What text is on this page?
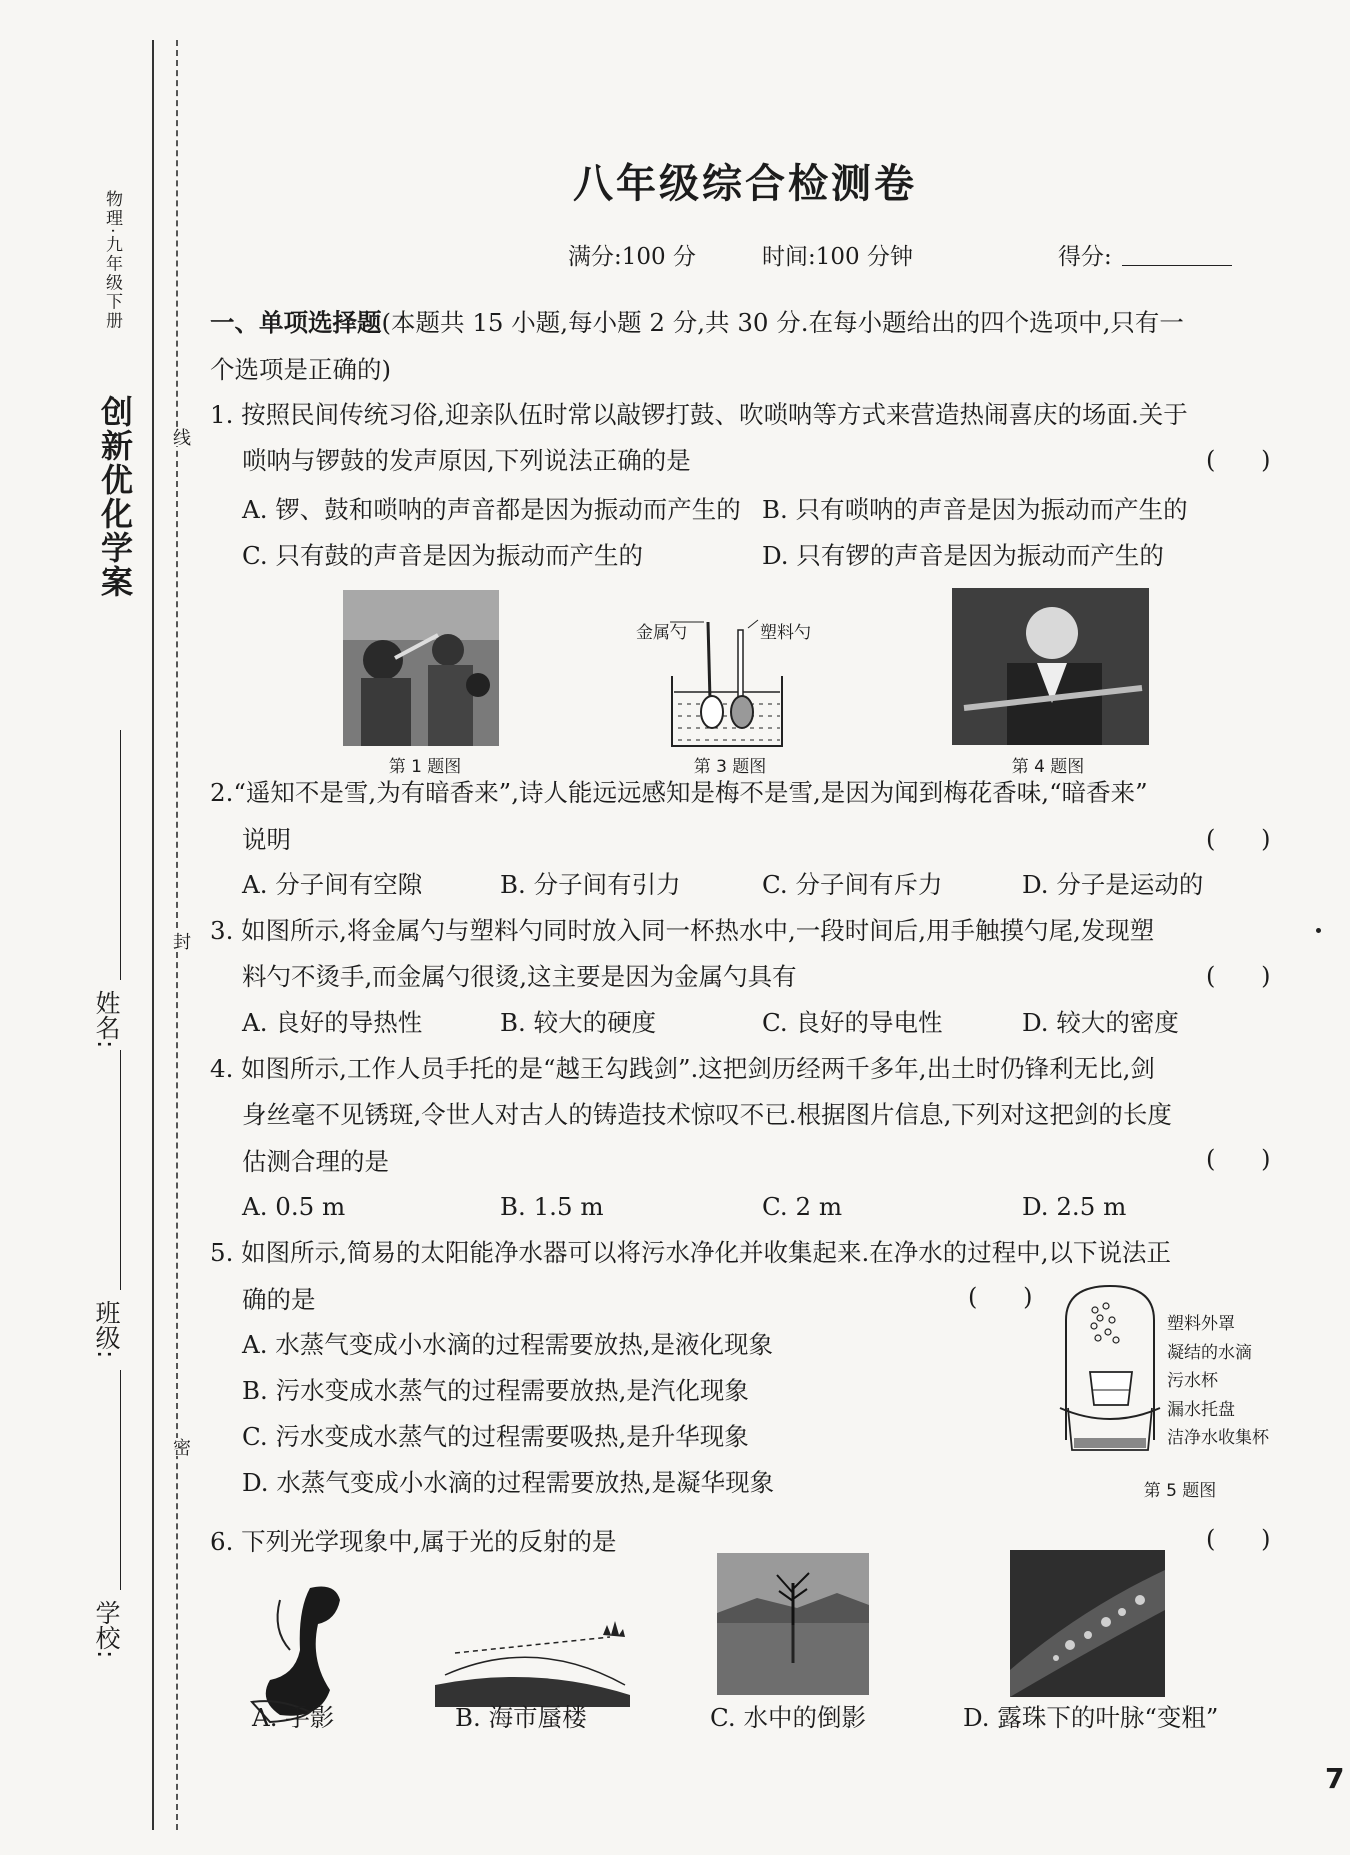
物理·九年级下册
创新优化学案
姓名:
班级:
学校:
线
封
密
八年级综合检测卷
满分:100 分	时间:100 分钟	得分:
一、单项选择题(本题共 15 小题,每小题 2 分,共 30 分.在每小题给出的四个选项中,只有一
个选项是正确的)
1. 按照民间传统习俗,迎亲队伍时常以敲锣打鼓、吹唢呐等方式来营造热闹喜庆的场面.关于
唢呐与锣鼓的发声原因,下列说法正确的是	(      )
A. 锣、鼓和唢呐的声音都是因为振动而产生的 B. 只有唢呐的声音是因为振动而产生的
C. 只有鼓的声音是因为振动而产生的	D. 只有锣的声音是因为振动而产生的
第 1 题图
金属勺	塑料勺
第 3 题图	第 4 题图
2.“遥知不是雪,为有暗香来”,诗人能远远感知是梅不是雪,是因为闻到梅花香味,“暗香来”
说明	(      )
A. 分子间有空隙	B. 分子间有引力	C. 分子间有斥力	D. 分子是运动的
3. 如图所示,将金属勺与塑料勺同时放入同一杯热水中,一段时间后,用手触摸勺尾,发现塑
料勺不烫手,而金属勺很烫,这主要是因为金属勺具有	(      )
A. 良好的导热性	B. 较大的硬度	C. 良好的导电性	D. 较大的密度
4. 如图所示,工作人员手托的是“越王勾践剑”.这把剑历经两千多年,出土时仍锋利无比,剑
身丝毫不见锈斑,令世人对古人的铸造技术惊叹不已.根据图片信息,下列对这把剑的长度
估测合理的是	(      )
A. 0.5 m	B. 1.5 m	C. 2 m	D. 2.5 m
5. 如图所示,简易的太阳能净水器可以将污水净化并收集起来.在净水的过程中,以下说法正
确的是	(      )
A. 水蒸气变成小水滴的过程需要放热,是液化现象
B. 污水变成水蒸气的过程需要放热,是汽化现象
C. 污水变成水蒸气的过程需要吸热,是升华现象
D. 水蒸气变成小水滴的过程需要放热,是凝华现象
塑料外罩
凝结的水滴
污水杯
漏水托盘
洁净水收集杯
第 5 题图
6. 下列光学现象中,属于光的反射的是	(      )
A. 手影	B. 海市蜃楼	C. 水中的倒影	D. 露珠下的叶脉“变粗”
7
